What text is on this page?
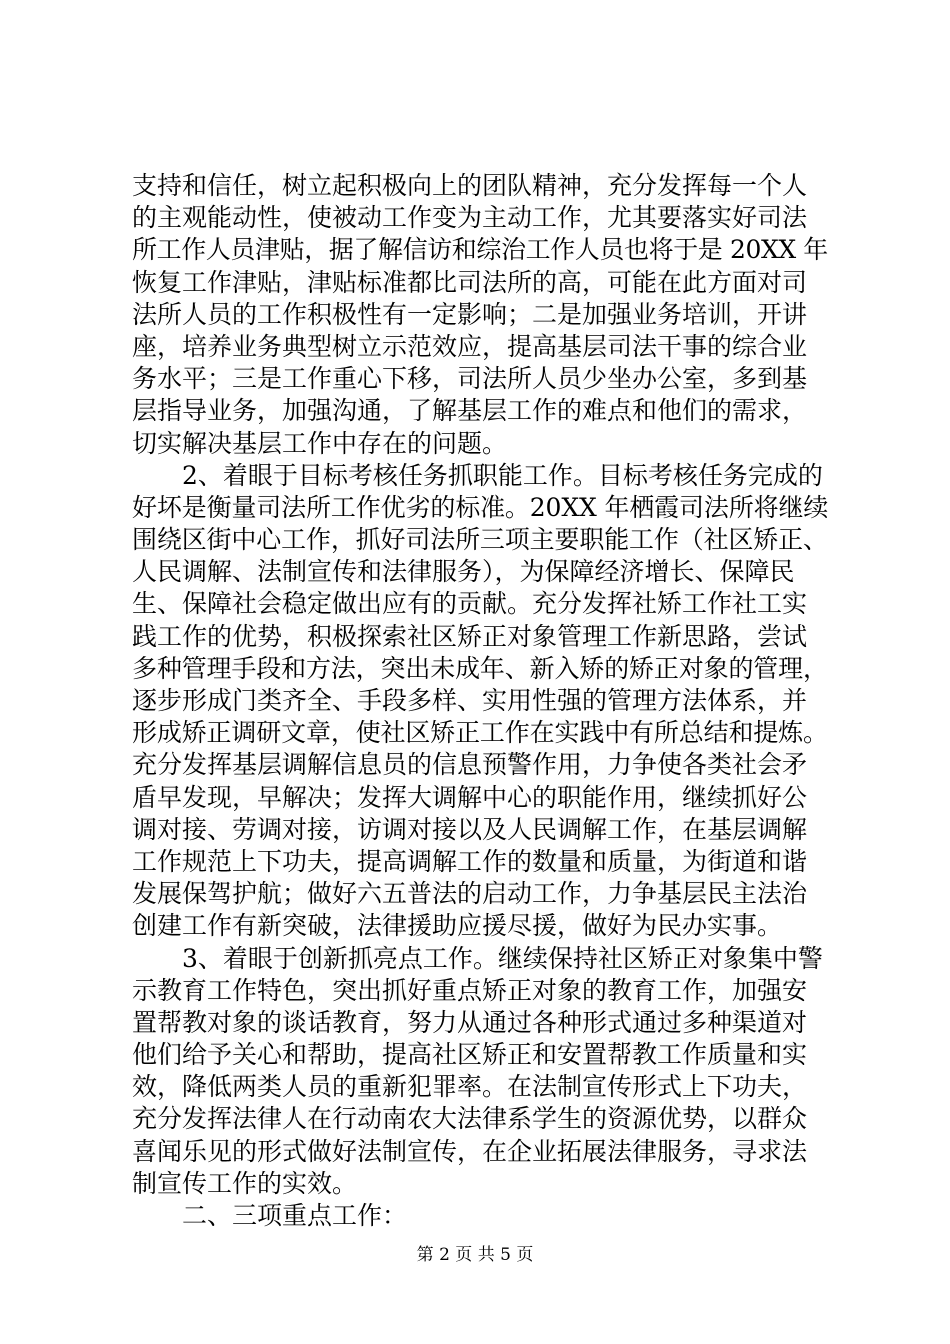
支持和信任，树立起积极向上的团队精神，充分发挥每一个人
的主观能动性，使被动工作变为主动工作，尤其要落实好司法
所工作人员津贴，据了解信访和综治工作人员也将于是 20XX 年
恢复工作津贴，津贴标准都比司法所的高，可能在此方面对司
法所人员的工作积极性有一定影响；二是加强业务培训，开讲
座，培养业务典型树立示范效应，提高基层司法干事的综合业
务水平；三是工作重心下移，司法所人员少坐办公室，多到基
层指导业务，加强沟通，了解基层工作的难点和他们的需求，
切实解决基层工作中存在的问题。
　　2、着眼于目标考核任务抓职能工作。目标考核任务完成的
好坏是衡量司法所工作优劣的标准。20XX 年栖霞司法所将继续
围绕区街中心工作，抓好司法所三项主要职能工作（社区矫正、
人民调解、法制宣传和法律服务），为保障经济增长、保障民
生、保障社会稳定做出应有的贡献。充分发挥社矫工作社工实
践工作的优势，积极探索社区矫正对象管理工作新思路，尝试
多种管理手段和方法，突出未成年、新入矫的矫正对象的管理，
逐步形成门类齐全、手段多样、实用性强的管理方法体系，并
形成矫正调研文章，使社区矫正工作在实践中有所总结和提炼。
充分发挥基层调解信息员的信息预警作用，力争使各类社会矛
盾早发现，早解决；发挥大调解中心的职能作用，继续抓好公
调对接、劳调对接，访调对接以及人民调解工作，在基层调解
工作规范上下功夫，提高调解工作的数量和质量，为街道和谐
发展保驾护航；做好六五普法的启动工作，力争基层民主法治
创建工作有新突破，法律援助应援尽援，做好为民办实事。
　　3、着眼于创新抓亮点工作。继续保持社区矫正对象集中警
示教育工作特色，突出抓好重点矫正对象的教育工作，加强安
置帮教对象的谈话教育，努力从通过各种形式通过多种渠道对
他们给予关心和帮助，提高社区矫正和安置帮教工作质量和实
效，降低两类人员的重新犯罪率。在法制宣传形式上下功夫，
充分发挥法律人在行动南农大法律系学生的资源优势，以群众
喜闻乐见的形式做好法制宣传，在企业拓展法律服务，寻求法
制宣传工作的实效。
　　二、三项重点工作：
第 2 页 共 5 页
